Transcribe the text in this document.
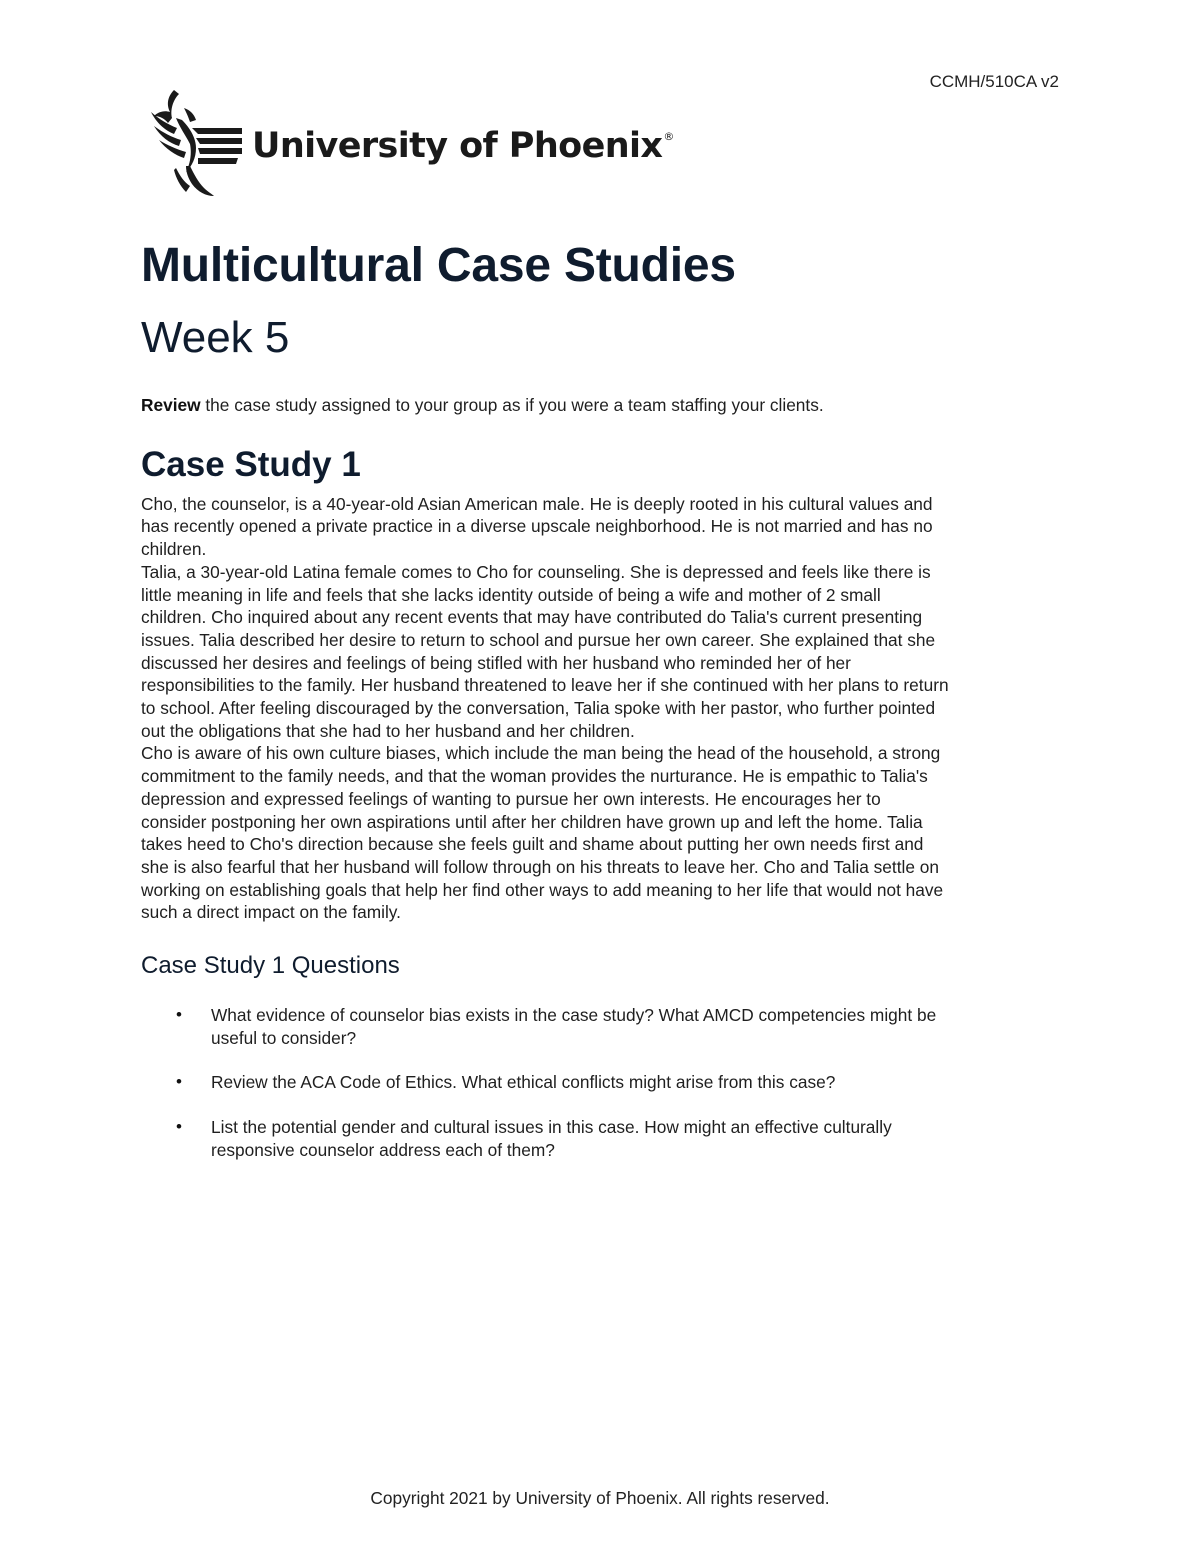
CCMH/510CA v2

University of Phoenix®
Multicultural Case Studies
Week 5

Review the case study assigned to your group as if you were a team staffing your clients.

Case Study 1

Cho, the counselor, is a 40-year-old Asian American male. He is deeply rooted in his cultural values and
has recently opened a private practice in a diverse upscale neighborhood. He is not married and has no
children.

Talia, a 30-year-old Latina female comes to Cho for counseling. She is depressed and feels like there is
little meaning in life and feels that she lacks identity outside of being a wife and mother of 2 small
children. Cho inquired about any recent events that may have contributed do Talia's current presenting
issues. Talia described her desire to return to school and pursue her own career. She explained that she
discussed her desires and feelings of being stifled with her husband who reminded her of her
responsibilities to the family. Her husband threatened to leave her if she continued with her plans to return
to school. After feeling discouraged by the conversation, Talia spoke with her pastor, who further pointed
out the obligations that she had to her husband and her children.

Cho is aware of his own culture biases, which include the man being the head of the household, a strong
commitment to the family needs, and that the woman provides the nurturance. He is empathic to Talia's
depression and expressed feelings of wanting to pursue her own interests. He encourages her to
consider postponing her own aspirations until after her children have grown up and left the home. Talia
takes heed to Cho's direction because she feels guilt and shame about putting her own needs first and
she is also fearful that her husband will follow through on his threats to leave her. Cho and Talia settle on
working on establishing goals that help her find other ways to add meaning to her life that would not have
such a direct impact on the family.

Case Study 1 Questions
• What evidence of counselor bias exists in the case study? What AMCD competencies might be
useful to consider?
• Review the ACA Code of Ethics. What ethical conflicts might arise from this case?
• List the potential gender and cultural issues in this case. How might an effective culturally
responsive counselor address each of them?

Copyright 2021 by University of Phoenix. All rights reserved.
